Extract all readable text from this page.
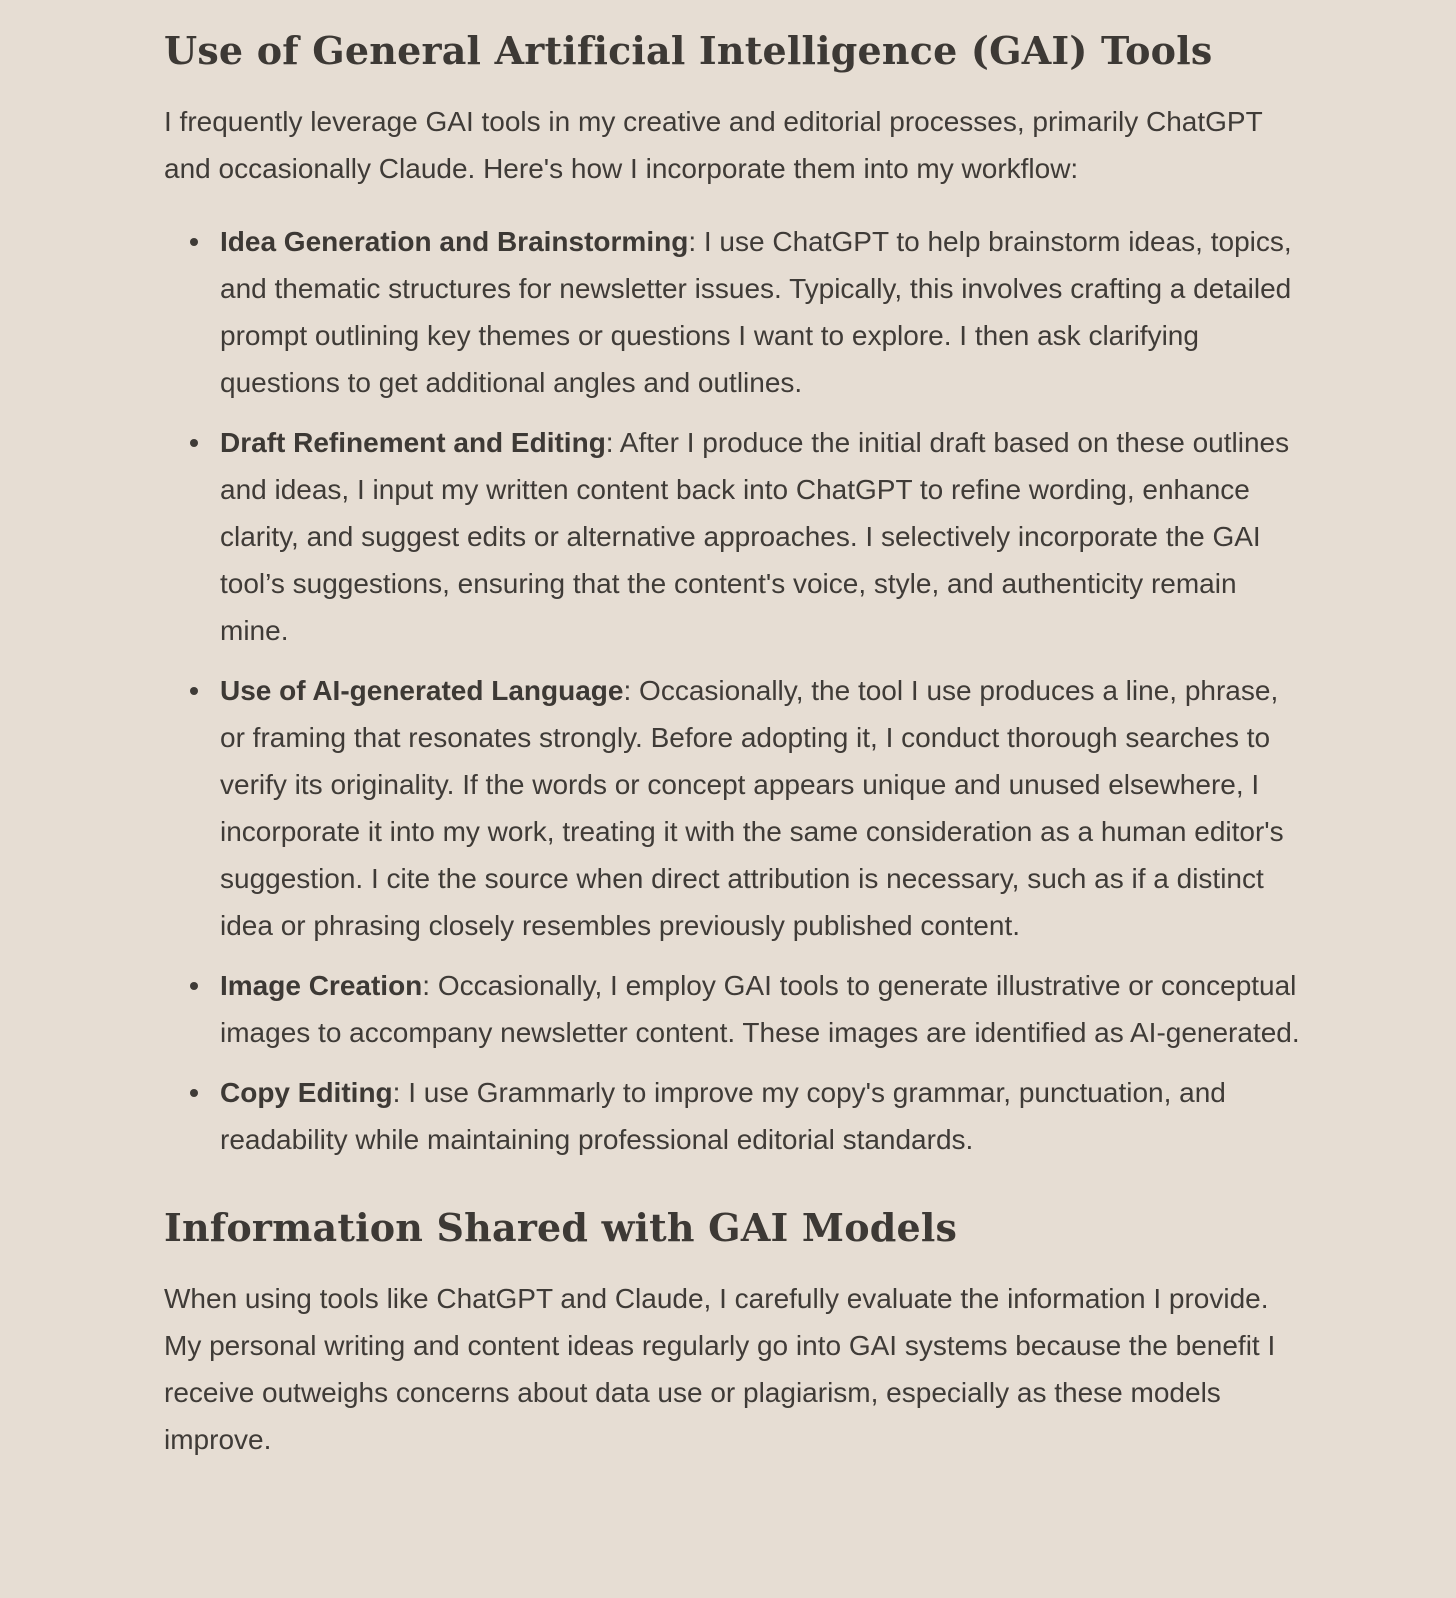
Use of General Artificial Intelligence (GAI) Tools

I frequently leverage GAI tools in my creative and editorial processes, primarily ChatGPT and occasionally Claude. Here's how I incorporate them into my workflow:

Idea Generation and Brainstorming: I use ChatGPT to help brainstorm ideas, topics, and thematic structures for newsletter issues. Typically, this involves crafting a detailed prompt outlining key themes or questions I want to explore. I then ask clarifying questions to get additional angles and outlines.
Draft Refinement and Editing: After I produce the initial draft based on these outlines and ideas, I input my written content back into ChatGPT to refine wording, enhance clarity, and suggest edits or alternative approaches. I selectively incorporate the GAI tool’s suggestions, ensuring that the content's voice, style, and authenticity remain mine.
Use of AI-generated Language: Occasionally, the tool I use produces a line, phrase, or framing that resonates strongly. Before adopting it, I conduct thorough searches to verify its originality. If the words or concept appears unique and unused elsewhere, I incorporate it into my work, treating it with the same consideration as a human editor's suggestion. I cite the source when direct attribution is necessary, such as if a distinct idea or phrasing closely resembles previously published content.
Image Creation: Occasionally, I employ GAI tools to generate illustrative or conceptual images to accompany newsletter content. These images are identified as AI-generated.
Copy Editing: I use Grammarly to improve my copy's grammar, punctuation, and readability while maintaining professional editorial standards.
Information Shared with GAI Models

When using tools like ChatGPT and Claude, I carefully evaluate the information I provide. My personal writing and content ideas regularly go into GAI systems because the benefit I receive outweighs concerns about data use or plagiarism, especially as these models improve.
